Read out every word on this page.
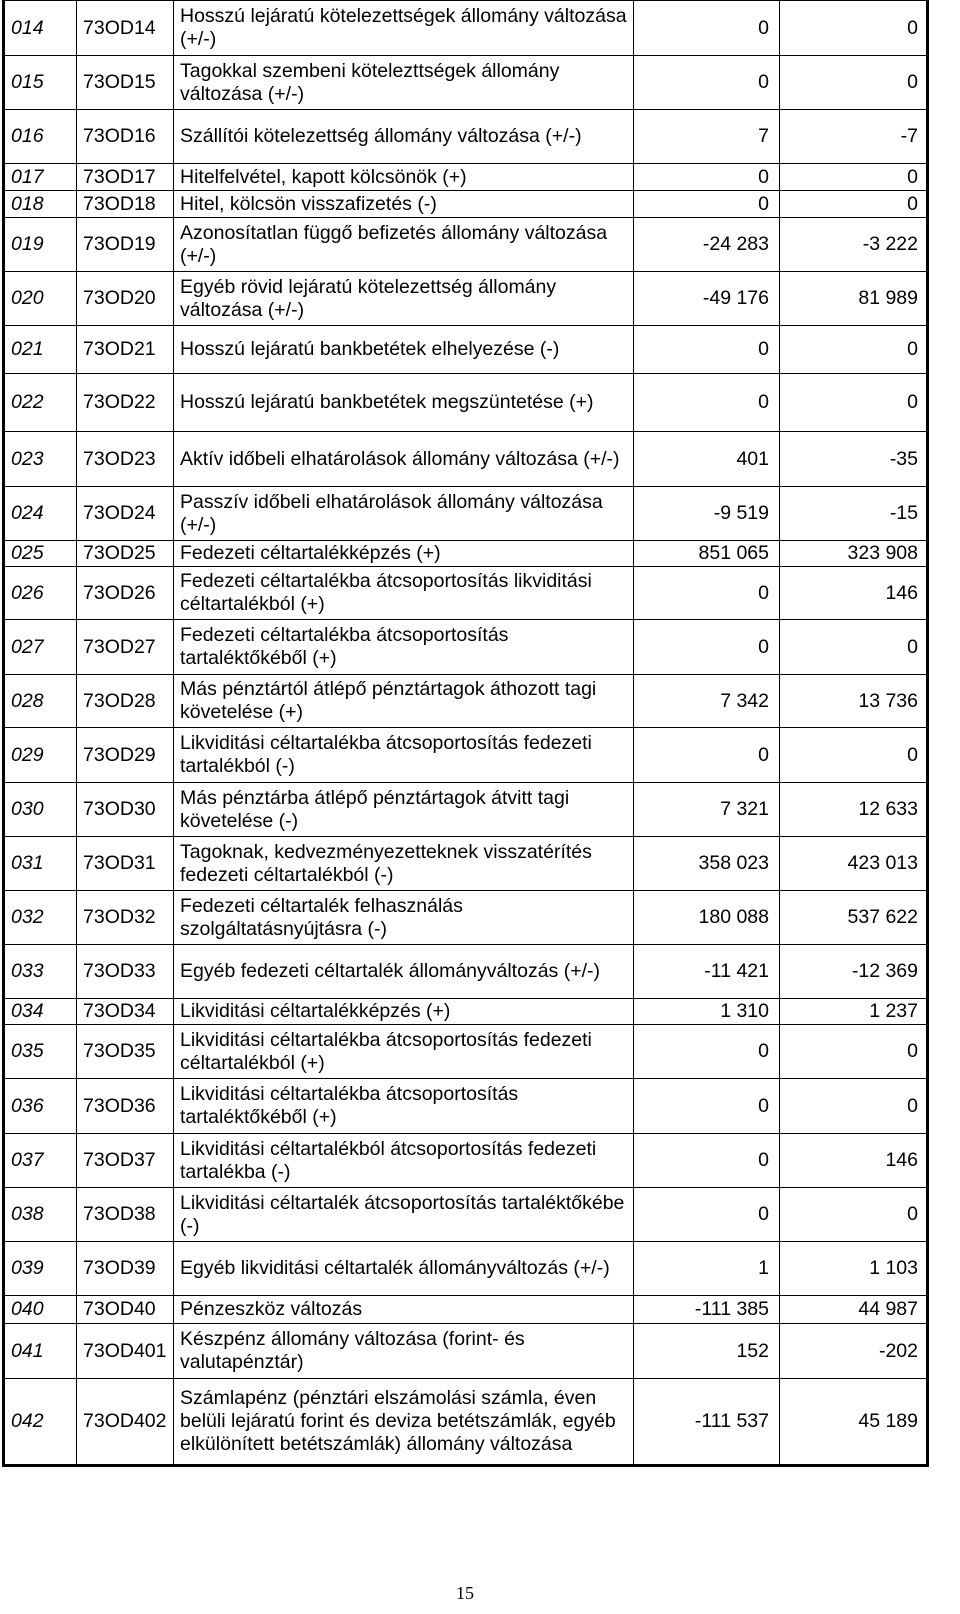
014	73OD14	Hosszú lejáratú kötelezettségek állomány változása (+/-)	0	0
015	73OD15	Tagokkal szembeni kötelezttségek állomány változása (+/-)	0	0
016	73OD16	Szállítói kötelezettség állomány változása (+/-)	7	-7
017	73OD17	Hitelfelvétel, kapott kölcsönök (+)	0	0
018	73OD18	Hitel, kölcsön visszafizetés (-)	0	0
019	73OD19	Azonosítatlan függő befizetés állomány változása (+/-)	-24 283	-3 222
020	73OD20	Egyéb rövid lejáratú kötelezettség állomány változása (+/-)	-49 176	81 989
021	73OD21	Hosszú lejáratú bankbetétek elhelyezése (-)	0	0
022	73OD22	Hosszú lejáratú bankbetétek megszüntetése (+)	0	0
023	73OD23	Aktív időbeli elhatárolások állomány változása (+/-)	401	-35
024	73OD24	Passzív időbeli elhatárolások állomány változása (+/-)	-9 519	-15
025	73OD25	Fedezeti céltartalékképzés (+)	851 065	323 908
026	73OD26	Fedezeti céltartalékba átcsoportosítás likviditási céltartalékból (+)	0	146
027	73OD27	Fedezeti céltartalékba átcsoportosítás tartaléktőkéből (+)	0	0
028	73OD28	Más pénztártól átlépő pénztártagok áthozott tagi követelése (+)	7 342	13 736
029	73OD29	Likviditási céltartalékba átcsoportosítás fedezeti tartalékból (-)	0	0
030	73OD30	Más pénztárba átlépő pénztártagok átvitt tagi követelése (-)	7 321	12 633
031	73OD31	Tagoknak, kedvezményezetteknek visszatérítés fedezeti céltartalékból (-)	358 023	423 013
032	73OD32	Fedezeti céltartalék felhasználás szolgáltatásnyújtásra (-)	180 088	537 622
033	73OD33	Egyéb fedezeti céltartalék állományváltozás (+/-)	-11 421	-12 369
034	73OD34	Likviditási céltartalékképzés (+)	1 310	1 237
035	73OD35	Likviditási céltartalékba átcsoportosítás fedezeti céltartalékból (+)	0	0
036	73OD36	Likviditási céltartalékba átcsoportosítás tartaléktőkéből (+)	0	0
037	73OD37	Likviditási céltartalékból átcsoportosítás fedezeti tartalékba (-)	0	146
038	73OD38	Likviditási céltartalék átcsoportosítás tartaléktőkébe (-)	0	0
039	73OD39	Egyéb likviditási céltartalék állományváltozás (+/-)	1	1 103
040	73OD40	Pénzeszköz változás	-111 385	44 987
041	73OD401	Készpénz állomány változása (forint- és valutapénztár)	152	-202
042	73OD402	Számlapénz (pénztári elszámolási számla, éven belüli lejáratú forint és deviza betétszámlák, egyéb elkülönített betétszámlák) állomány változása	-111 537	45 189
15
